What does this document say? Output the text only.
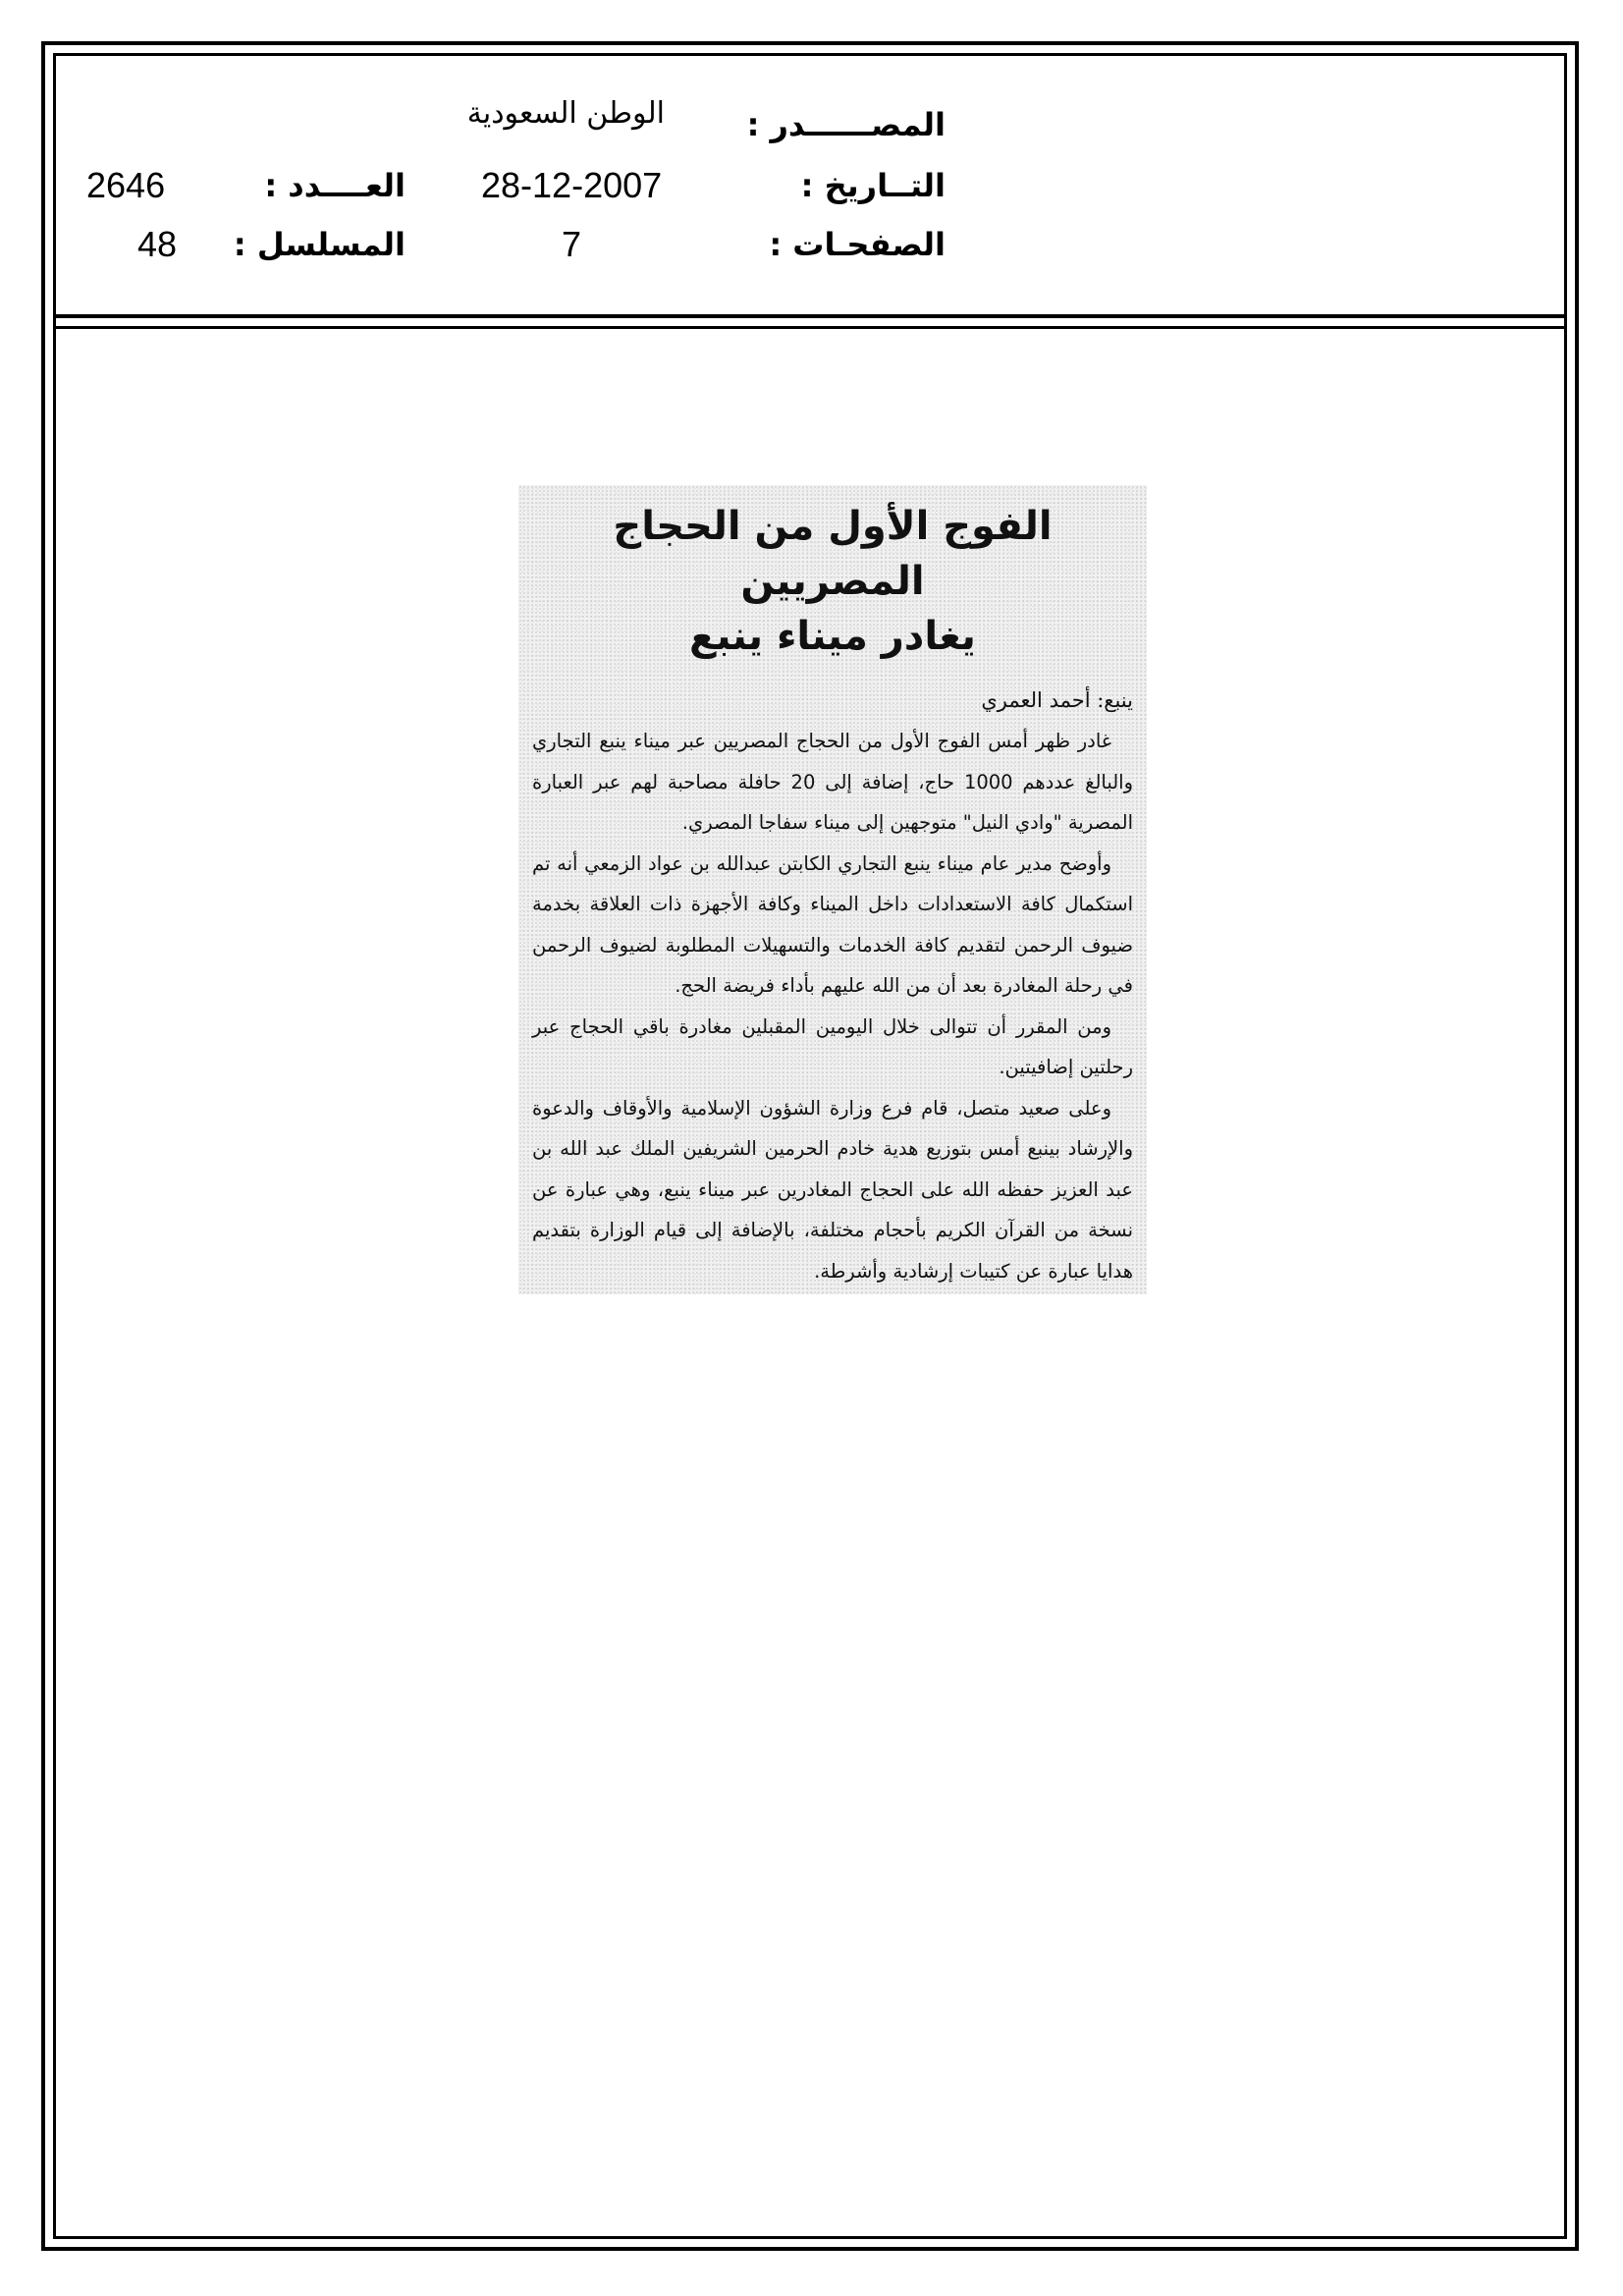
المصــــــدر :
الوطن السعودية
التــاريخ :
28-12-2007
العــــدد :
2646
الصفحـات :
7
المسلسل :
48
الفوج الأول من الحجاج المصريين
يغادر ميناء ينبع
ينبع: أحمد العمري

غادر ظهر أمس الفوج الأول من الحجاج المصريين عبر ميناء ينبع التجاري والبالغ عددهم 1000 حاج، إضافة إلى 20 حافلة مصاحبة لهم عبر العبارة المصرية "وادي النيل" متوجهين إلى ميناء سفاجا المصري.

وأوضح مدير عام ميناء ينبع التجاري الكابتن عبدالله بن عواد الزمعي أنه تم استكمال كافة الاستعدادات داخل الميناء وكافة الأجهزة ذات العلاقة بخدمة ضيوف الرحمن لتقديم كافة الخدمات والتسهيلات المطلوبة لضيوف الرحمن في رحلة المغادرة بعد أن من الله عليهم بأداء فريضة الحج.

ومن المقرر أن تتوالى خلال اليومين المقبلين مغادرة باقي الحجاج عبر رحلتين إضافيتين.

وعلى صعيد متصل، قام فرع وزارة الشؤون الإسلامية والأوقاف والدعوة والإرشاد بينبع أمس بتوزيع هدية خادم الحرمين الشريفين الملك عبد الله بن عبد العزيز حفظه الله على الحجاج المغادرين عبر ميناء ينبع، وهي عبارة عن نسخة من القرآن الكريم بأحجام مختلفة، بالإضافة إلى قيام الوزارة بتقديم هدايا عبارة عن كتيبات إرشادية وأشرطة.
